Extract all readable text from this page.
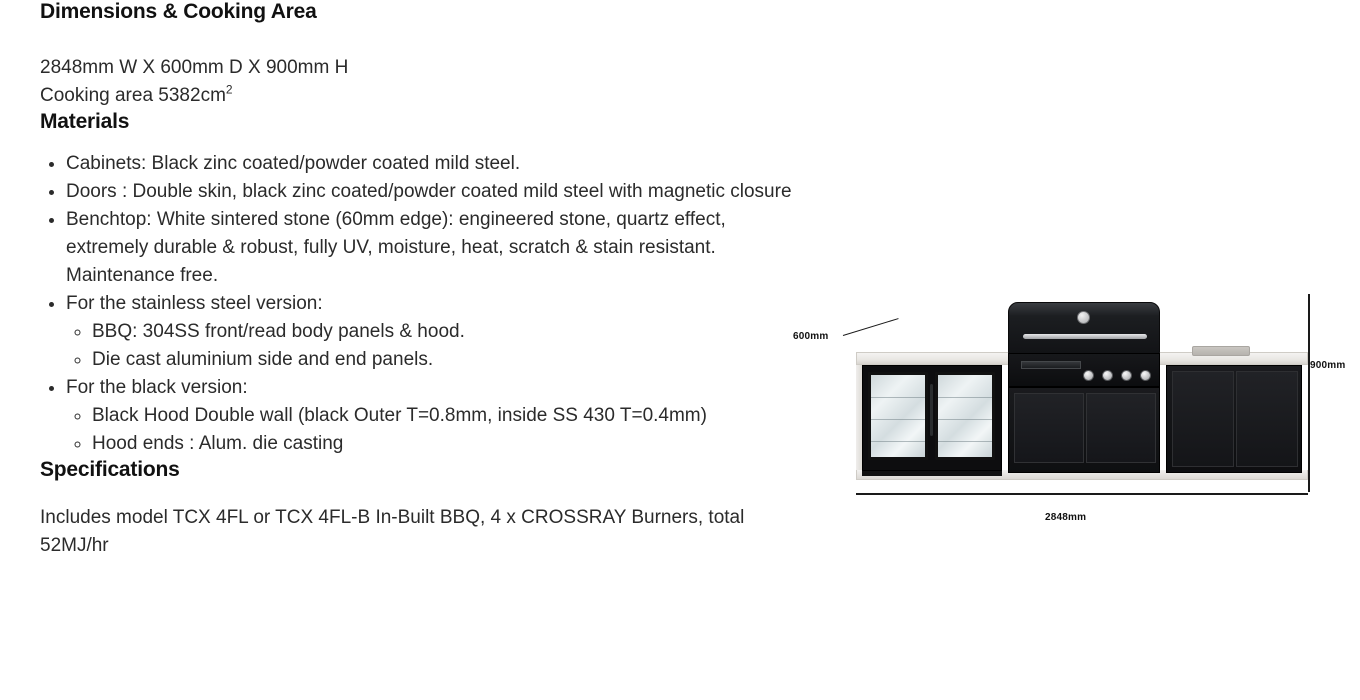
Dimensions & Cooking Area
2848mm W X 600mm D X 900mm H
Cooking area $5382cm^2$
Materials
• Cabinets: Black zinc coated/powder coated mild steel.
• Doors : Double skin, black zinc coated/powder coated mild steel with magnetic closure
• Benchtop: White sintered stone (60mm edge): engineered stone, quartz effect, extremely durable & robust, fully UV, moisture, heat, scratch & stain resistant. Maintenance free.
• For the stainless steel version:
◦ BBQ: 304SS front/read body panels & hood.
◦ Die cast aluminium side and end panels.
• For the black version:
◦ Black Hood Double wall (black Outer T=0.8mm, inside SS 430 T=0.4mm)
◦ Hood ends : Alum. die casting
Specifications

Includes model TCX 4FL or TCX 4FL-B In-Built BBQ, 4 x CROSSRAY Burners, total 52MJ/hr

600mm
900mm
2848mm
